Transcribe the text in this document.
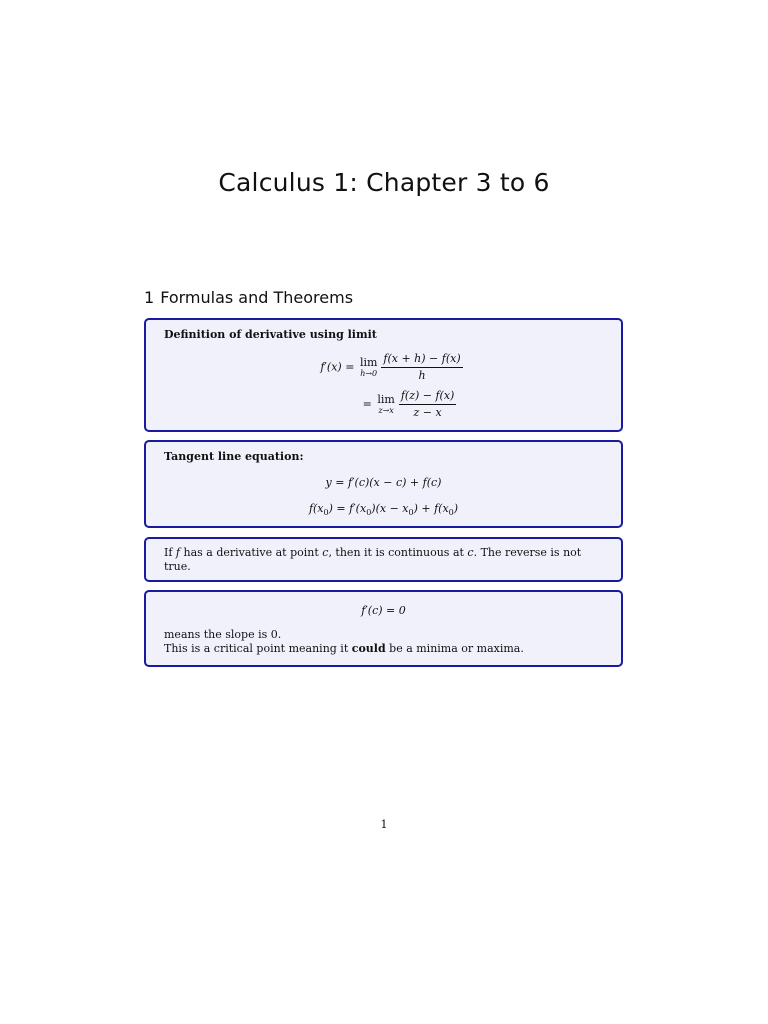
Calculus 1: Chapter 3 to 6
1 Formulas and Theorems
Definition of derivative using limit
f′(x) = lim
$h\to 0 \frac{f(x + h) - f(x)}{h}$
= lim
$z\to x \frac{f(z) - f(x)}{z - x}$
Tangent line equation:
y = f′(c)(x − c) + f(c)
$f(x_0) = f'(x_0)(x - x_0) + f(x_0)$

If f has a derivative at point c, then it is continuous at c. The reverse is not true.

f′(c) = 0

means the slope is 0.

This is a critical point meaning it could be a minima or maxima.

1
